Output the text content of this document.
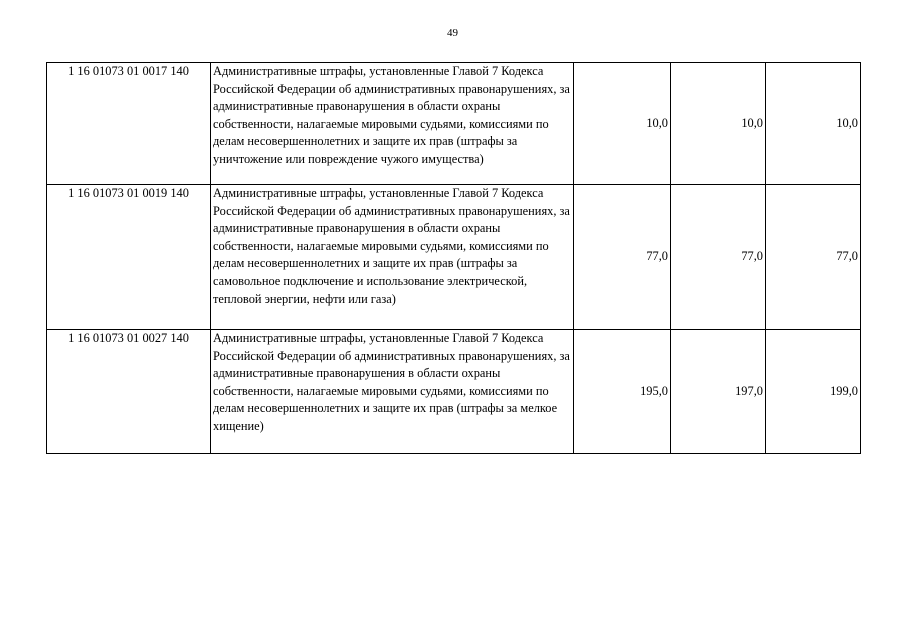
49
1 16 01073 01 0017 140	Административные штрафы, установленные Главой 7 Кодекса Российской Федерации об административных правонарушениях, за административные правонарушения в области охраны собственности, налагаемые мировыми судьями, комиссиями по делам несовершеннолетних и защите их прав (штрафы за уничтожение или повреждение чужого имущества)	10,0	10,0	10,0
1 16 01073 01 0019 140	Административные штрафы, установленные Главой 7 Кодекса Российской Федерации об административных правонарушениях, за административные правонарушения в области охраны собственности, налагаемые мировыми судьями, комиссиями по делам несовершеннолетних и защите их прав (штрафы за самовольное подключение и использование электрической, тепловой энергии, нефти или газа)	77,0	77,0	77,0
1 16 01073 01 0027 140	Административные штрафы, установленные Главой 7 Кодекса Российской Федерации об административных правонарушениях, за административные правонарушения в области охраны собственности, налагаемые мировыми судьями, комиссиями по делам несовершеннолетних и защите их прав (штрафы за мелкое хищение)	195,0	197,0	199,0
